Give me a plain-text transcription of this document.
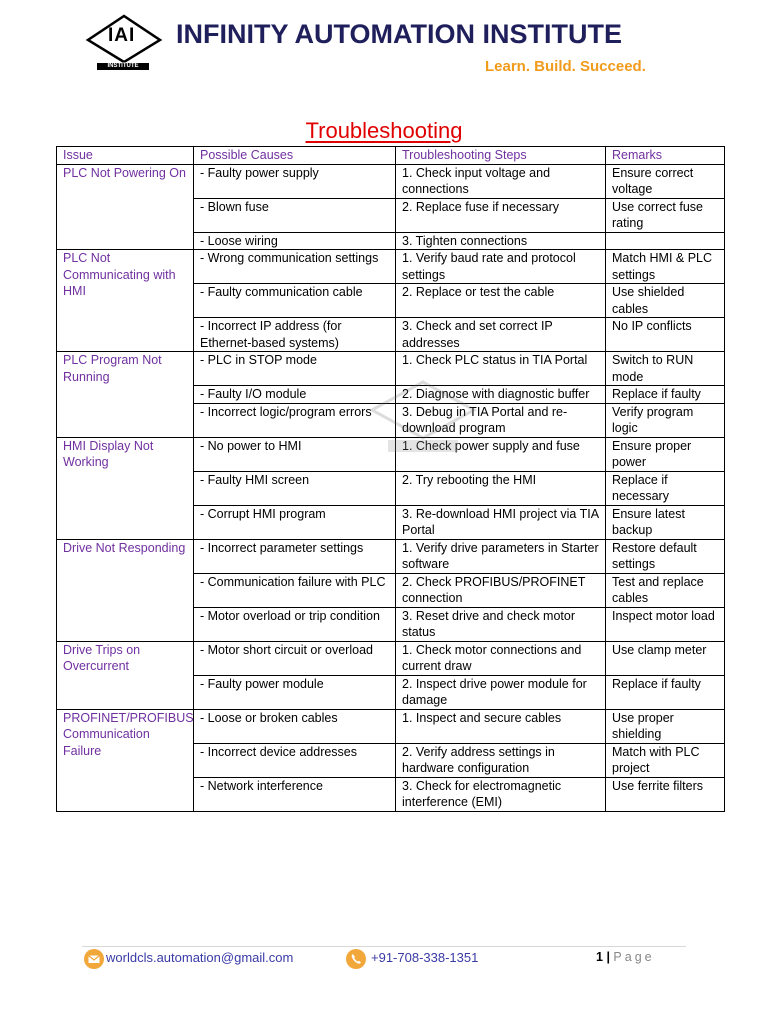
IAI
INSTITUTE
INFINITY AUTOMATION INSTITUTE
Learn. Build. Succeed.
Troubleshooting
Issue	Possible Causes	Troubleshooting Steps	Remarks
PLC Not Powering On	- Faulty power supply	1. Check input voltage and connections	Ensure correct voltage
	- Blown fuse	2. Replace fuse if necessary	Use correct fuse rating
	- Loose wiring	3. Tighten connections	
PLC Not Communicating with HMI	- Wrong communication settings	1. Verify baud rate and protocol settings	Match HMI & PLC settings
	- Faulty communication cable	2. Replace or test the cable	Use shielded cables
	- Incorrect IP address (for Ethernet-based systems)	3. Check and set correct IP addresses	No IP conflicts
PLC Program Not Running	- PLC in STOP mode	1. Check PLC status in TIA Portal	Switch to RUN mode
	- Faulty I/O module	2. Diagnose with diagnostic buffer	Replace if faulty
	- Incorrect logic/program errors	3. Debug in TIA Portal and re-download program	Verify program logic
HMI Display Not Working	- No power to HMI	1. Check power supply and fuse	Ensure proper power
	- Faulty HMI screen	2. Try rebooting the HMI	Replace if necessary
	- Corrupt HMI program	3. Re-download HMI project via TIA Portal	Ensure latest backup
Drive Not Responding	- Incorrect parameter settings	1. Verify drive parameters in Starter software	Restore default settings
	- Communication failure with PLC	2. Check PROFIBUS/PROFINET connection	Test and replace cables
	- Motor overload or trip condition	3. Reset drive and check motor status	Inspect motor load
Drive Trips on Overcurrent	- Motor short circuit or overload	1. Check motor connections and current draw	Use clamp meter
	- Faulty power module	2. Inspect drive power module for damage	Replace if faulty
PROFINET/PROFIBUS Communication Failure	- Loose or broken cables	1. Inspect and secure cables	Use proper shielding
	- Incorrect device addresses	2. Verify address settings in hardware configuration	Match with PLC project
	- Network interference	3. Check for electromagnetic interference (EMI)	Use ferrite filters
worldcls.automation@gmail.com	+91-708-338-1351	1 | Page
